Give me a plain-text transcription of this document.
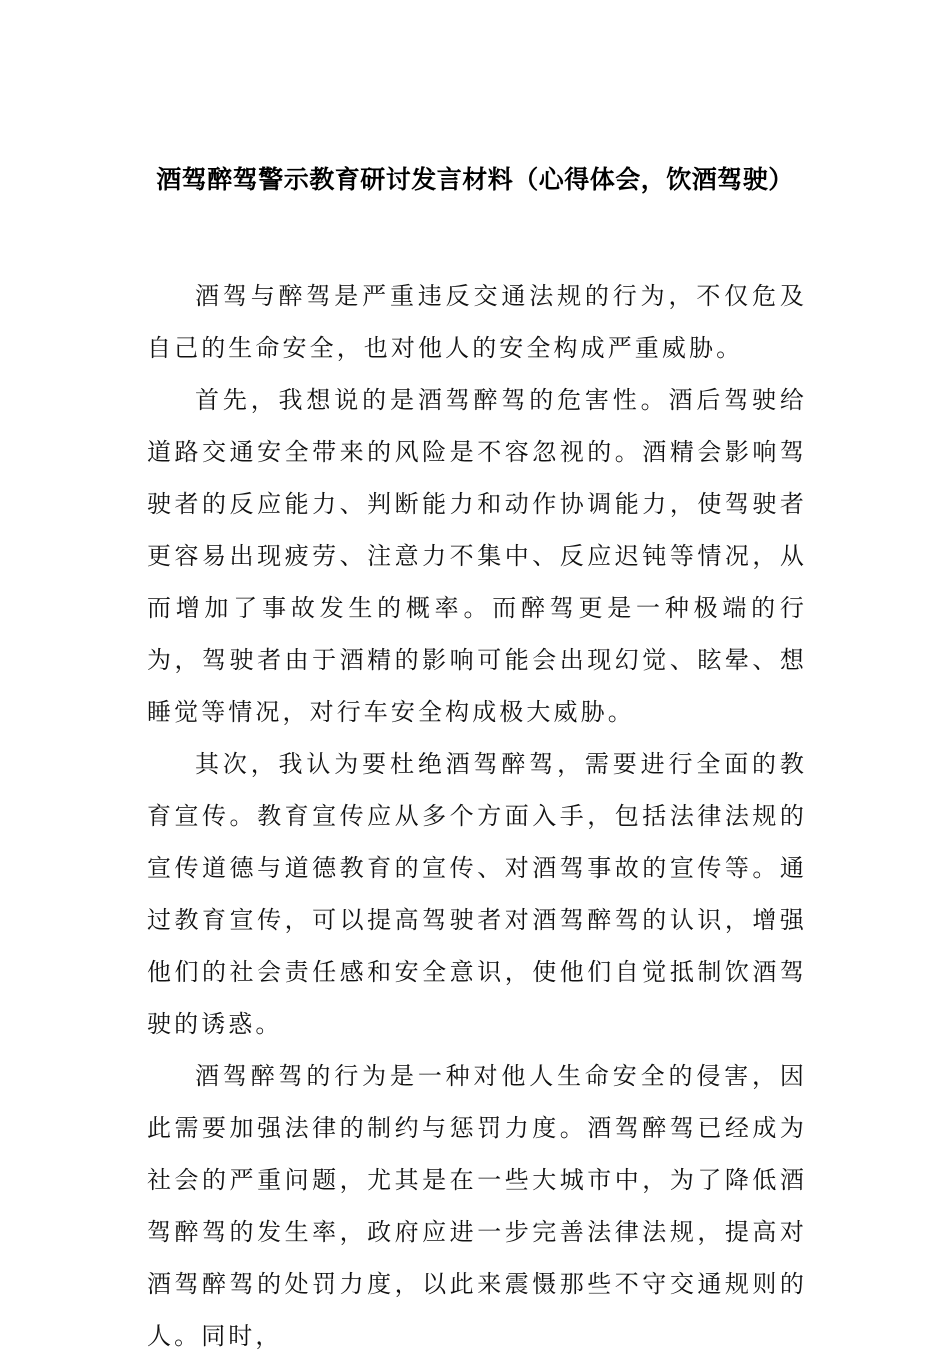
酒驾醉驾警示教育研讨发言材料（心得体会，饮酒驾驶）

酒驾与醉驾是严重违反交通法规的行为，不仅危及自己的生命安全，也对他人的安全构成严重威胁。

首先，我想说的是酒驾醉驾的危害性。酒后驾驶给道路交通安全带来的风险是不容忽视的。酒精会影响驾驶者的反应能力、判断能力和动作协调能力，使驾驶者更容易出现疲劳、注意力不集中、反应迟钝等情况，从而增加了事故发生的概率。而醉驾更是一种极端的行为，驾驶者由于酒精的影响可能会出现幻觉、眩晕、想睡觉等情况，对行车安全构成极大威胁。

其次，我认为要杜绝酒驾醉驾，需要进行全面的教育宣传。教育宣传应从多个方面入手，包括法律法规的宣传道德与道德教育的宣传、对酒驾事故的宣传等。通过教育宣传，可以提高驾驶者对酒驾醉驾的认识，增强他们的社会责任感和安全意识，使他们自觉抵制饮酒驾驶的诱惑。

酒驾醉驾的行为是一种对他人生命安全的侵害，因此需要加强法律的制约与惩罚力度。酒驾醉驾已经成为社会的严重问题，尤其是在一些大城市中，为了降低酒驾醉驾的发生率，政府应进一步完善法律法规，提高对酒驾醉驾的处罚力度，以此来震慑那些不守交通规则的人。同时，
